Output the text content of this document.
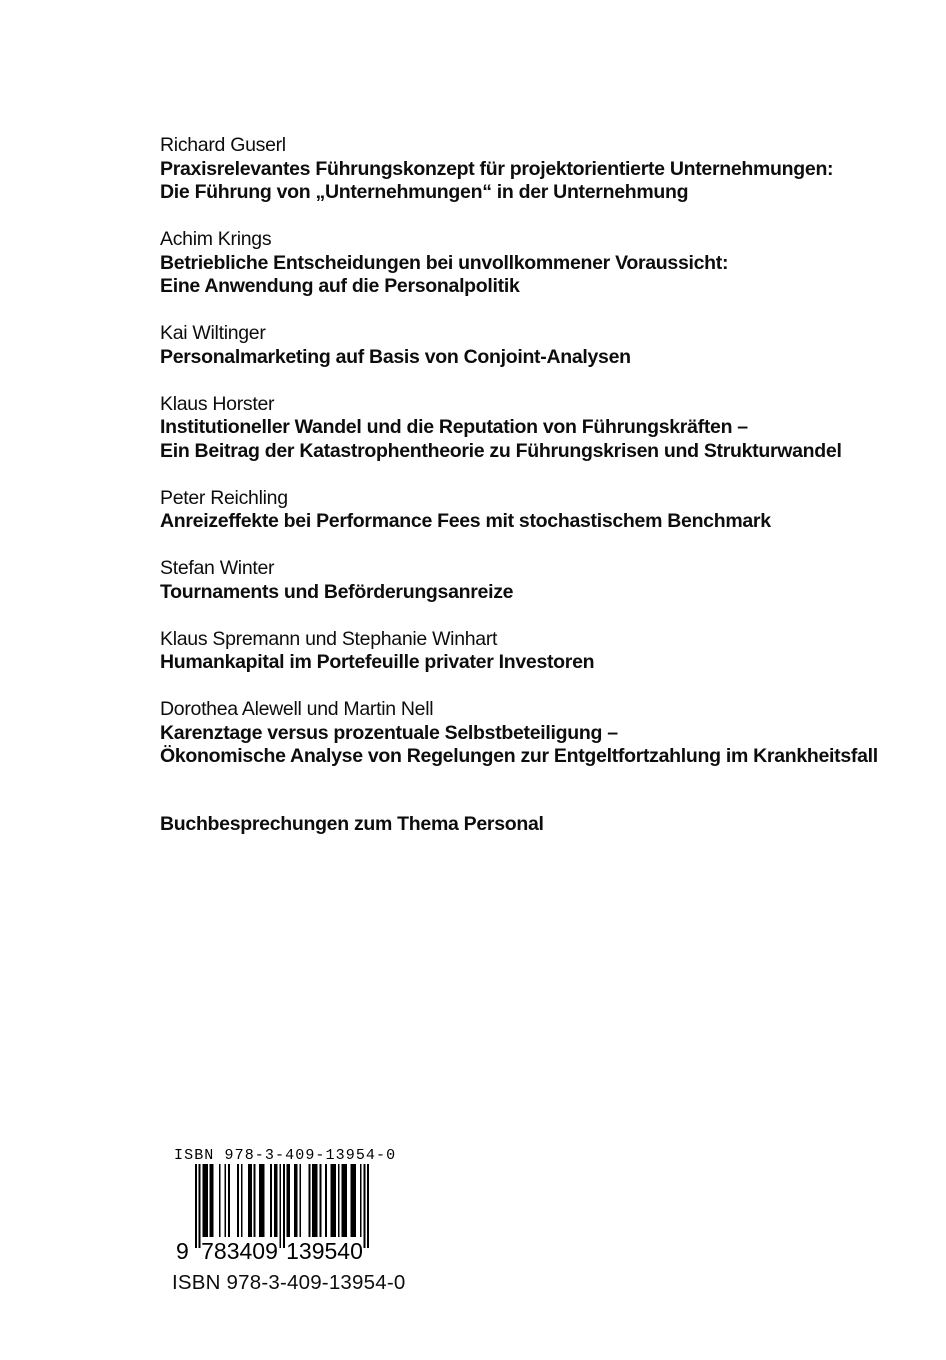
Richard Guserl
Praxisrelevantes Führungskonzept für projektorientierte Unternehmungen:
Die Führung von „Unternehmungen“ in der Unternehmung
Achim Krings
Betriebliche Entscheidungen bei unvollkommener Voraussicht:
Eine Anwendung auf die Personalpolitik
Kai Wiltinger
Personalmarketing auf Basis von Conjoint-Analysen
Klaus Horster
Institutioneller Wandel und die Reputation von Führungskräften –
Ein Beitrag der Katastrophentheorie zu Führungskrisen und Strukturwandel
Peter Reichling
Anreizeffekte bei Performance Fees mit stochastischem Benchmark
Stefan Winter
Tournaments und Beförderungsanreize
Klaus Spremann und Stephanie Winhart
Humankapital im Portefeuille privater Investoren
Dorothea Alewell und Martin Nell
Karenztage versus prozentuale Selbstbeteiligung –
Ökonomische Analyse von Regelungen zur Entgeltfortzahlung im Krankheitsfall
Buchbesprechungen zum Thema Personal
ISBN 978-3-409-13954-0
9 783409 139540
ISBN 978-3-409-13954-0
